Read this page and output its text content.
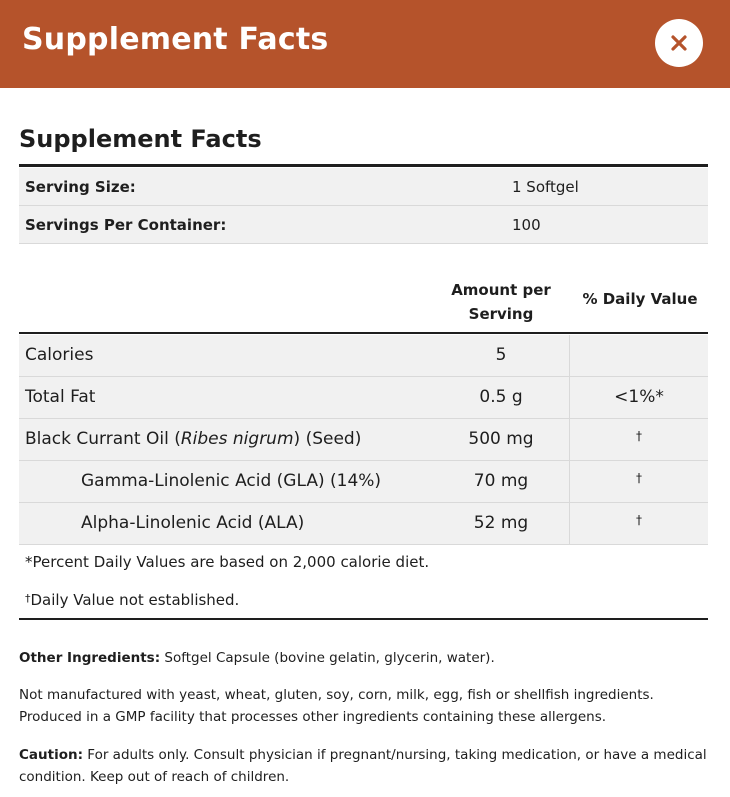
Supplement Facts
Supplement Facts
Serving Size:	1 Softgel
Servings Per Container:	100
Amount per Serving
% Daily Value
Calories	5
Total Fat	0.5 g	<1%*
Black Currant Oil (Ribes nigrum) (Seed)	500 mg	†
Gamma-Linolenic Acid (GLA) (14%)	70 mg	†
Alpha-Linolenic Acid (ALA)	52 mg	†
*Percent Daily Values are based on 2,000 calorie diet.
†Daily Value not established.
Other Ingredients: Softgel Capsule (bovine gelatin, glycerin, water).
Not manufactured with yeast, wheat, gluten, soy, corn, milk, egg, fish or shellfish ingredients. Produced in a GMP facility that processes other ingredients containing these allergens.
Caution: For adults only. Consult physician if pregnant/nursing, taking medication, or have a medical condition. Keep out of reach of children.
